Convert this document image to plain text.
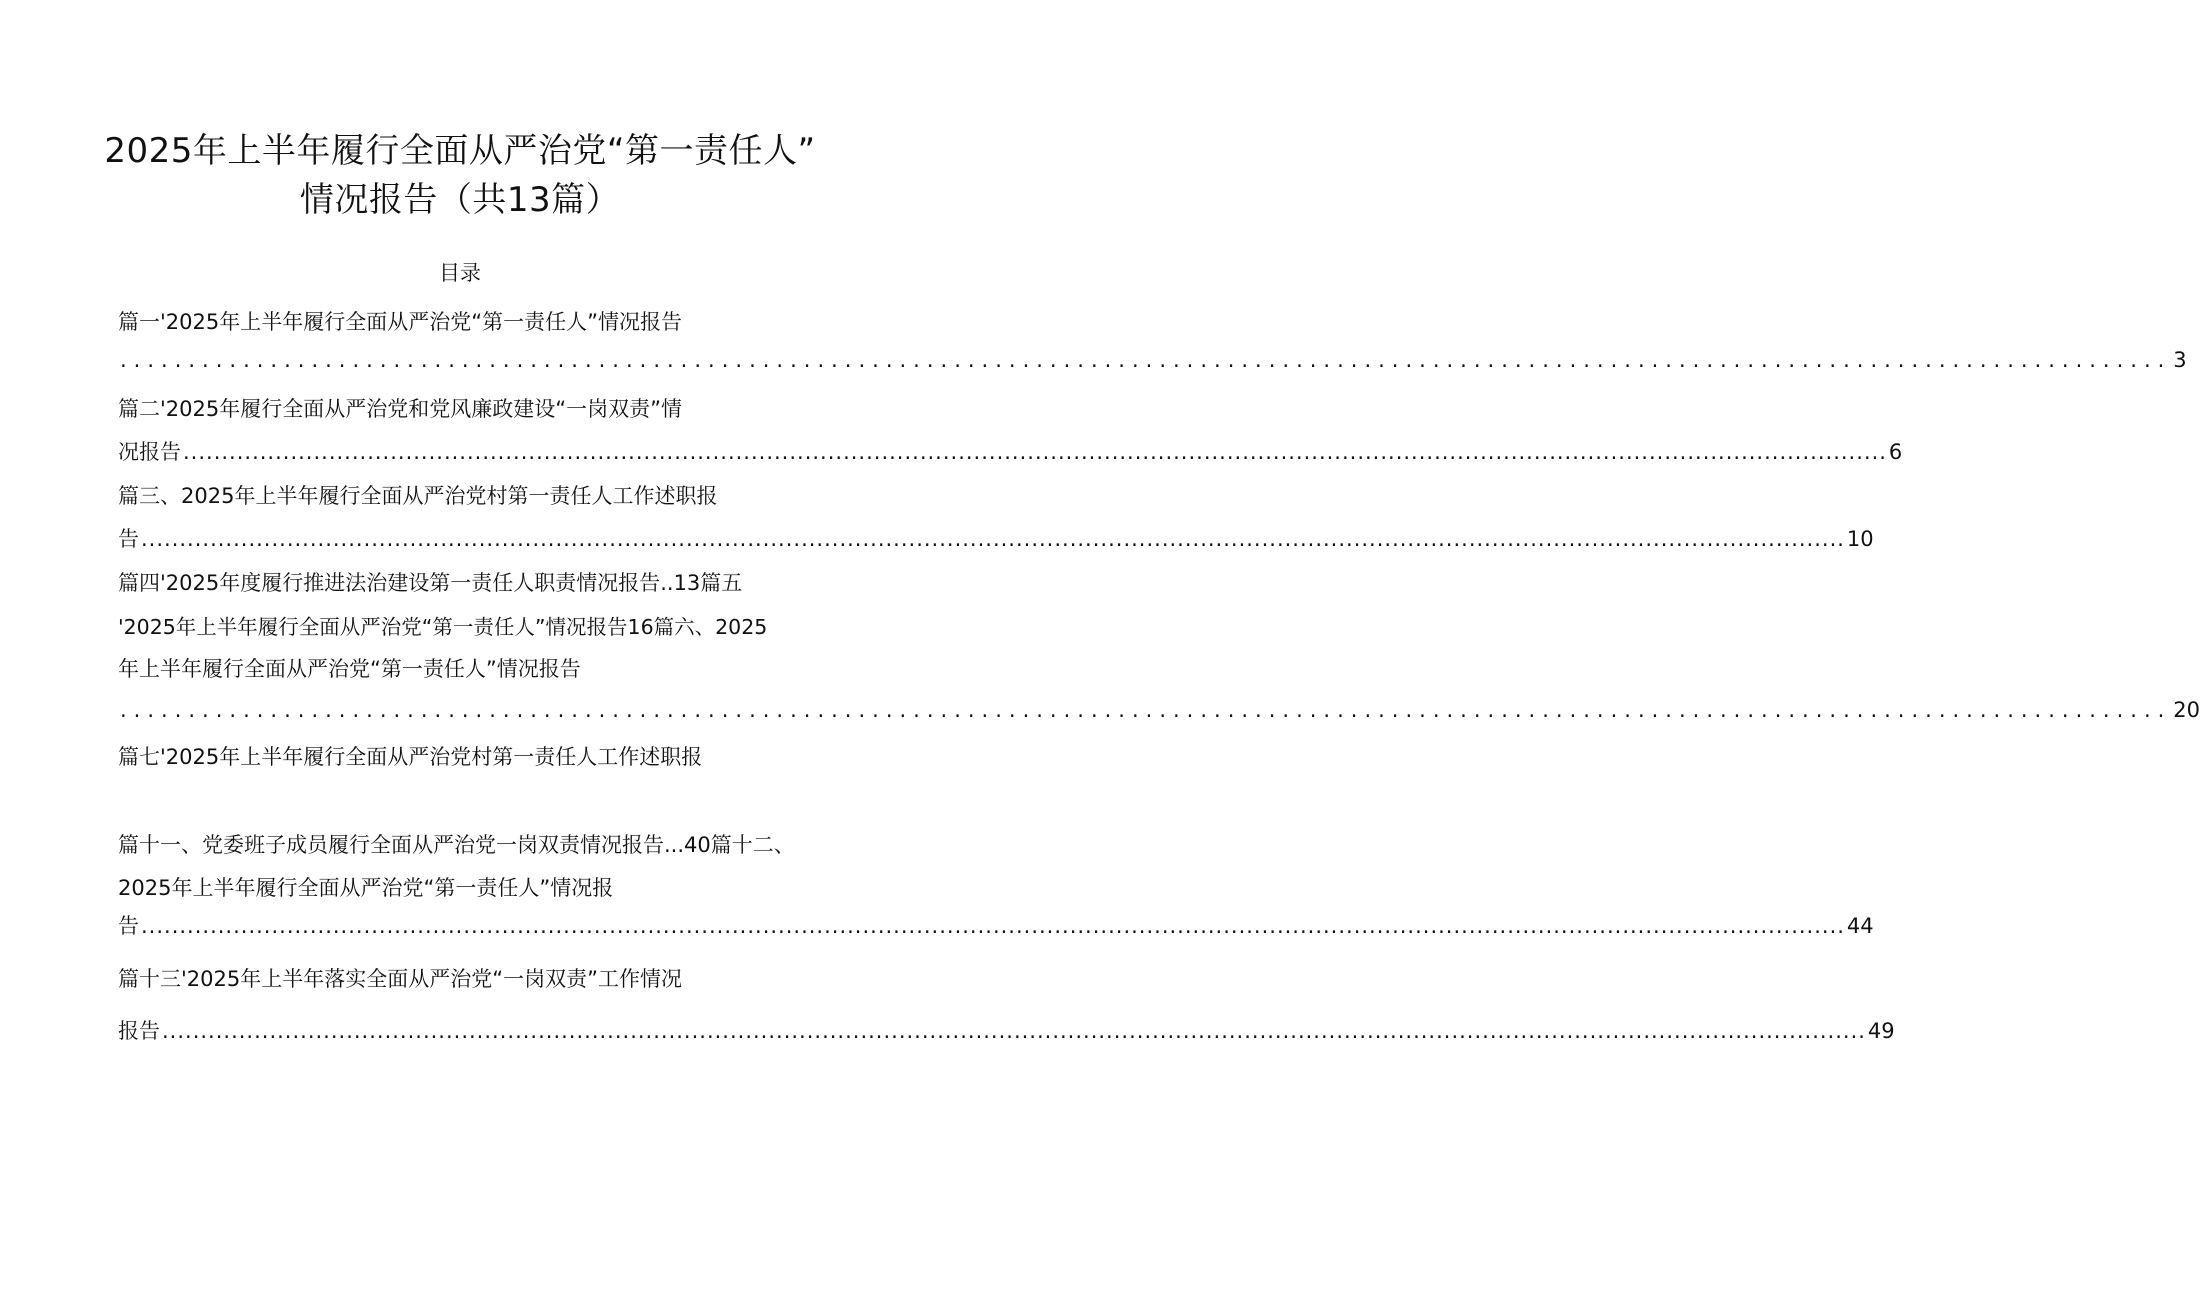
2025年上半年履行全面从严治党“第一责任人”
情况报告（共13篇）
目录
篇一'2025年上半年履行全面从严治党“第一责任人”情况报告
...................................................................................................................................................... 3
篇二'2025年履行全面从严治党和党风廉政建设“一岗双责”情
况报告 .............................................................................................................................................................................................................................. 6
篇三、2025年上半年履行全面从严治党村第一责任人工作述职报
告 .............................................................................................................................................................................................................................. 10
篇四'2025年度履行推进法治建设第一责任人职责情况报告..13篇五
'2025年上半年履行全面从严治党“第一责任人”情况报告16篇六、2025
年上半年履行全面从严治党“第一责任人”情况报告
...................................................................................................................................................... 20
篇七'2025年上半年履行全面从严治党村第一责任人工作述职报
篇十一、党委班子成员履行全面从严治党一岗双责情况报告...40篇十二、
2025年上半年履行全面从严治党“第一责任人”情况报
告 .............................................................................................................................................................................................................................. 44
篇十三'2025年上半年落实全面从严治党“一岗双责”工作情况
报告 .............................................................................................................................................................................................................................. 49
